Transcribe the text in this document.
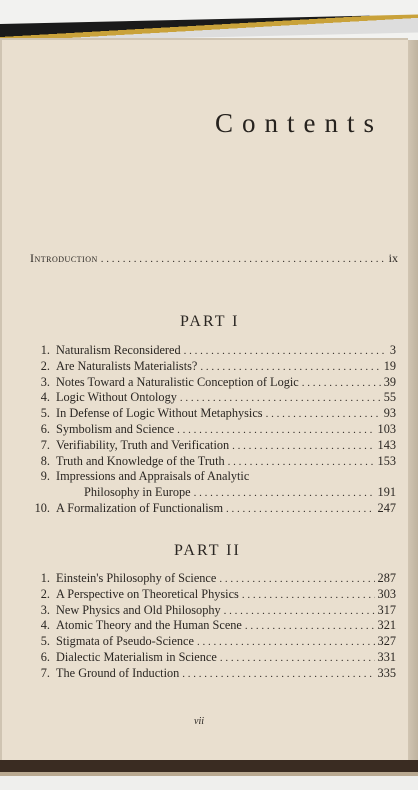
Contents
Introduction . . .	ix
PART I
1. Naturalism Reconsidered . . .	3
2. Are Naturalists Materialists? . . .	19
3. Notes Toward a Naturalistic Conception of Logic . . .	39
4. Logic Without Ontology . . .	55
5. In Defense of Logic Without Metaphysics . . .	93
6. Symbolism and Science . . .	103
7. Verifiability, Truth and Verification . . .	143
8. Truth and Knowledge of the Truth . . .	153
9. Impressions and Appraisals of Analytic
Philosophy in Europe . . .	191
10. A Formalization of Functionalism . . .	247
PART II
1. Einstein's Philosophy of Science . . .	287
2. A Perspective on Theoretical Physics . . .	303
3. New Physics and Old Philosophy . . .	317
4. Atomic Theory and the Human Scene . . .	321
5. Stigmata of Pseudo-Science . . .	327
6. Dialectic Materialism in Science . . .	331
7. The Ground of Induction . . .	335
vii
